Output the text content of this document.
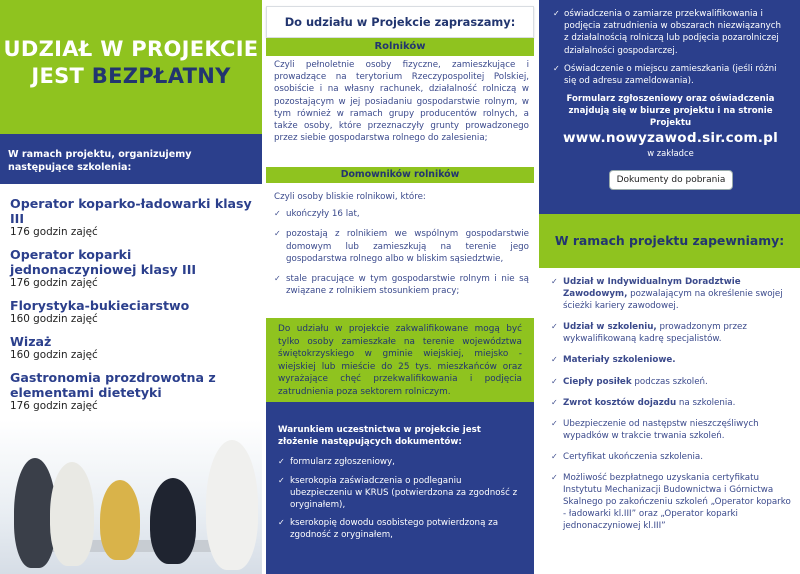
UDZIAŁ W PROJEKCIE
JEST BEZPŁATNY
W ramach projektu, organizujemy następujące szkolenia:
Operator koparko-ładowarki klasy III
176 godzin zajęć
Operator koparki jednonaczyniowej klasy III
176 godzin zajęć
Florystyka-bukieciarstwo
160 godzin zajęć
Wizaż
160 godzin zajęć
Gastronomia prozdrowotna z elementami dietetyki
176 godzin zajęć
Do udziału w Projekcie zapraszamy:
Rolników
Czyli pełnoletnie osoby fizyczne, zamieszkujące i prowadzące na terytorium Rzeczypospolitej Polskiej, osobiście i na własny rachunek, działalność rolniczą w pozostającym w jej posiadaniu gospodarstwie rolnym, w tym również w ramach grupy producentów rolnych, a także osoby, które przeznaczyły grunty prowadzonego przez siebie gospodarstwa rolnego do zalesienia;
Domowników rolników
Czyli osoby bliskie rolnikowi, które:
✓ ukończyły 16 lat,
✓ pozostają z rolnikiem we wspólnym gospodarstwie domowym lub zamieszkują na terenie jego gospodarstwa rolnego albo w bliskim sąsiedztwie,
✓ stale pracujące w tym gospodarstwie rolnym i nie są związane z rolnikiem stosunkiem pracy;
Do udziału w projekcie zakwalifikowane mogą być tylko osoby zamieszkałe na terenie województwa świętokrzyskiego w gminie wiejskiej, miejsko - wiejskiej lub mieście do 25 tys. mieszkańców oraz wyrażające chęć przekwalifikowania i podjęcia zatrudnienia poza sektorem rolniczym.
Warunkiem uczestnictwa w projekcie jest złożenie następujących dokumentów:
✓ formularz zgłoszeniowy,
✓ kserokopia zaświadczenia o podleganiu ubezpieczeniu w KRUS (potwierdzona za zgodność z oryginałem),
✓ kserokopię dowodu osobistego potwierdzoną za zgodność z oryginałem,
✓ oświadczenia o zamiarze przekwalifikowania i podjęcia zatrudnienia w obszarach niezwiązanych z działalnością rolniczą lub podjęcia pozarolniczej działalności gospodarczej.
✓ Oświadczenie o miejscu zamieszkania (jeśli różni się od adresu zameldowania).
Formularz zgłoszeniowy oraz oświadczenia znajdują się w biurze projektu i na stronie Projektu
www.nowyzawod.sir.com.pl
w zakładce
Dokumenty do pobrania
W ramach projektu zapewniamy:
✓ Udział w Indywidualnym Doradztwie Zawodowym, pozwalającym na określenie swojej ścieżki kariery zawodowej.
✓ Udział w szkoleniu, prowadzonym przez wykwalifikowaną kadrę specjalistów.
✓ Materiały szkoleniowe.
✓ Ciepły posiłek podczas szkoleń.
✓ Zwrot kosztów dojazdu na szkolenia.
✓ Ubezpieczenie od następstw nieszczęśliwych wypadków w trakcie trwania szkoleń.
✓ Certyfikat ukończenia szkolenia.
✓ Możliwość bezpłatnego uzyskania certyfikatu Instytutu Mechanizacji Budownictwa i Górnictwa Skalnego po zakończeniu szkoleń „Operator koparko - ładowarki kl.III” oraz „Operator koparki jednonaczyniowej kl.III”
